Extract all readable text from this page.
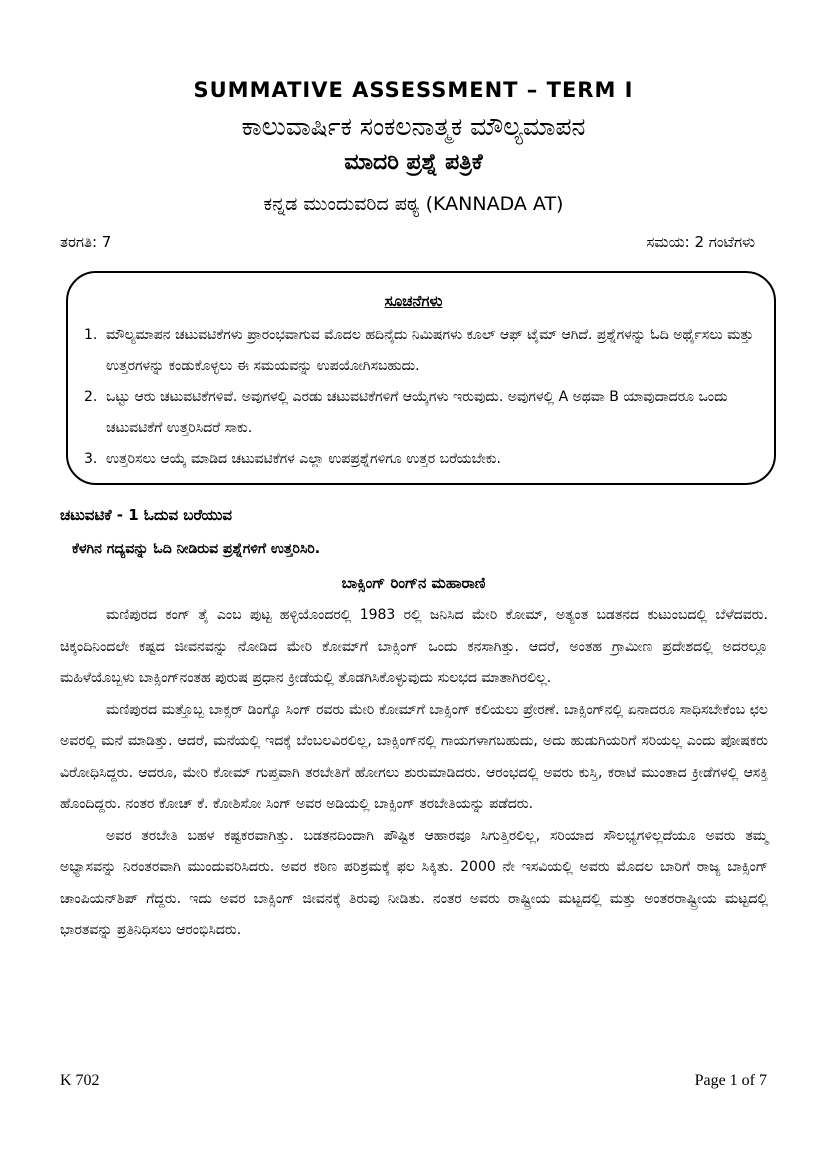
SUMMATIVE ASSESSMENT – TERM I
ಕಾಲುವಾರ್ಷಿಕ ಸಂಕಲನಾತ್ಮಕ ಮೌಲ್ಯಮಾಪನ
ಮಾದರಿ ಪ್ರಶ್ನೆ ಪತ್ರಿಕೆ
ಕನ್ನಡ ಮುಂದುವರಿದ ಪಠ್ಯ (KANNADA AT)
ತರಗತಿ: 7	ಸಮಯ: 2 ಗಂಟೆಗಳು
ಸೂಚನೆಗಳು
1. ಮೌಲ್ಯಮಾಪನ ಚಟುವಟಿಕೆಗಳು ಪ್ರಾರಂಭವಾಗುವ ಮೊದಲ ಹದಿನೈದು ನಿಮಿಷಗಳು ಕೂಲ್ ಆಫ್ ಟೈಮ್ ಆಗಿದೆ. ಪ್ರಶ್ನೆಗಳನ್ನು ಓದಿ ಅರ್ಥೈಸಲು ಮತ್ತು ಉತ್ತರಗಳನ್ನು ಕಂಡುಕೊಳ್ಳಲು ಈ ಸಮಯವನ್ನು ಉಪಯೋಗಿಸಬಹುದು.
2. ಒಟ್ಟು ಆರು ಚಟುವಟಿಕೆಗಳಿವೆ. ಅವುಗಳಲ್ಲಿ ಎರಡು ಚಟುವಟಿಕೆಗಳಿಗೆ ಆಯ್ಕೆಗಳು ಇರುವುದು. ಅವುಗಳಲ್ಲಿ A ಅಥವಾ B ಯಾವುದಾದರೂ ಒಂದು ಚಟುವಟಿಕೆಗೆ ಉತ್ತರಿಸಿದರೆ ಸಾಕು.
3. ಉತ್ತರಿಸಲು ಆಯ್ಕೆ ಮಾಡಿದ ಚಟುವಟಿಕೆಗಳ ಎಲ್ಲಾ ಉಪಪ್ರಶ್ನೆಗಳಿಗೂ ಉತ್ತರ ಬರೆಯಬೇಕು.
ಚಟುವಟಿಕೆ - 1 ಓದುವ ಬರೆಯುವ
ಕೆಳಗಿನ ಗದ್ಯವನ್ನು ಓದಿ ನೀಡಿರುವ ಪ್ರಶ್ನೆಗಳಿಗೆ ಉತ್ತರಿಸಿರಿ.
ಬಾಕ್ಸಿಂಗ್ ರಿಂಗ್‌ನ ಮಹಾರಾಣಿ

ಮಣಿಪುರದ ಕಂಗ್ ತೈ ಎಂಬ ಪುಟ್ಟ ಹಳ್ಳಿಯೊಂದರಲ್ಲಿ 1983 ರಲ್ಲಿ ಜನಿಸಿದ ಮೇರಿ ಕೋಮ್, ಅತ್ಯಂತ ಬಡತನದ ಕುಟುಂಬದಲ್ಲಿ ಬೆಳೆದವರು. ಚಿಕ್ಕಂದಿನಿಂದಲೇ ಕಷ್ಟದ ಜೀವನವನ್ನು ನೋಡಿದ ಮೇರಿ ಕೋಮ್‌ಗೆ ಬಾಕ್ಸಿಂಗ್ ಒಂದು ಕನಸಾಗಿತ್ತು. ಆದರೆ, ಅಂತಹ ಗ್ರಾಮೀಣ ಪ್ರದೇಶದಲ್ಲಿ ಅದರಲ್ಲೂ ಮಹಿಳೆಯೊಬ್ಬಳು ಬಾಕ್ಸಿಂಗ್‌ನಂತಹ ಪುರುಷ ಪ್ರಧಾನ ಕ್ರೀಡೆಯಲ್ಲಿ ತೊಡಗಿಸಿಕೊಳ್ಳುವುದು ಸುಲಭದ ಮಾತಾಗಿರಲಿಲ್ಲ.

ಮಣಿಪುರದ ಮತ್ತೊಬ್ಬ ಬಾಕ್ಸರ್ ಡಿಂಗ್ಕೊ ಸಿಂಗ್ ರವರು ಮೇರಿ ಕೋಮ್‌ಗೆ ಬಾಕ್ಸಿಂಗ್ ಕಲಿಯಲು ಪ್ರೇರಣೆ. ಬಾಕ್ಸಿಂಗ್‌ನಲ್ಲಿ ಏನಾದರೂ ಸಾಧಿಸಬೇಕೆಂಬ ಛಲ ಅವರಲ್ಲಿ ಮನೆ ಮಾಡಿತ್ತು. ಆದರೆ, ಮನೆಯಲ್ಲಿ ಇದಕ್ಕೆ ಬೆಂಬಲವಿರಲಿಲ್ಲ, ಬಾಕ್ಸಿಂಗ್‌ನಲ್ಲಿ ಗಾಯಗಳಾಗಬಹುದು, ಅದು ಹುಡುಗಿಯರಿಗೆ ಸರಿಯಲ್ಲ ಎಂದು ಪೋಷಕರು ವಿರೋಧಿಸಿದ್ದರು. ಆದರೂ, ಮೇರಿ ಕೋಮ್ ಗುಪ್ತವಾಗಿ ತರಬೇತಿಗೆ ಹೋಗಲು ಶುರುಮಾಡಿದರು. ಆರಂಭದಲ್ಲಿ ಅವರು ಕುಸ್ತಿ, ಕರಾಟೆ ಮುಂತಾದ ಕ್ರೀಡೆಗಳಲ್ಲಿ ಆಸಕ್ತಿ ಹೊಂದಿದ್ದರು. ನಂತರ ಕೋಚ್ ಕೆ. ಕೋಶಿಸೋ ಸಿಂಗ್ ಅವರ ಅಡಿಯಲ್ಲಿ ಬಾಕ್ಸಿಂಗ್ ತರಬೇತಿಯನ್ನು ಪಡೆದರು.

ಅವರ ತರಬೇತಿ ಬಹಳ ಕಷ್ಟಕರವಾಗಿತ್ತು. ಬಡತನದಿಂದಾಗಿ ಪೌಷ್ಟಿಕ ಆಹಾರವೂ ಸಿಗುತ್ತಿರಲಿಲ್ಲ, ಸರಿಯಾದ ಸೌಲಭ್ಯಗಳಿಲ್ಲದೆಯೂ ಅವರು ತಮ್ಮ ಅಭ್ಯಾಸವನ್ನು ನಿರಂತರವಾಗಿ ಮುಂದುವರಿಸಿದರು. ಅವರ ಕಠಿಣ ಪರಿಶ್ರಮಕ್ಕೆ ಫಲ ಸಿಕ್ಕಿತು. 2000 ನೇ ಇಸವಿಯಲ್ಲಿ ಅವರು ಮೊದಲ ಬಾರಿಗೆ ರಾಜ್ಯ ಬಾಕ್ಸಿಂಗ್ ಚಾಂಪಿಯನ್‌ಶಿಪ್ ಗೆದ್ದರು. ಇದು ಅವರ ಬಾಕ್ಸಿಂಗ್ ಜೀವನಕ್ಕೆ ತಿರುವು ನೀಡಿತು. ನಂತರ ಅವರು ರಾಷ್ಟ್ರೀಯ ಮಟ್ಟದಲ್ಲಿ ಮತ್ತು ಅಂತರರಾಷ್ಟ್ರೀಯ ಮಟ್ಟದಲ್ಲಿ ಭಾರತವನ್ನು ಪ್ರತಿನಿಧಿಸಲು ಆರಂಭಿಸಿದರು.

K 702	Page 1 of 7
